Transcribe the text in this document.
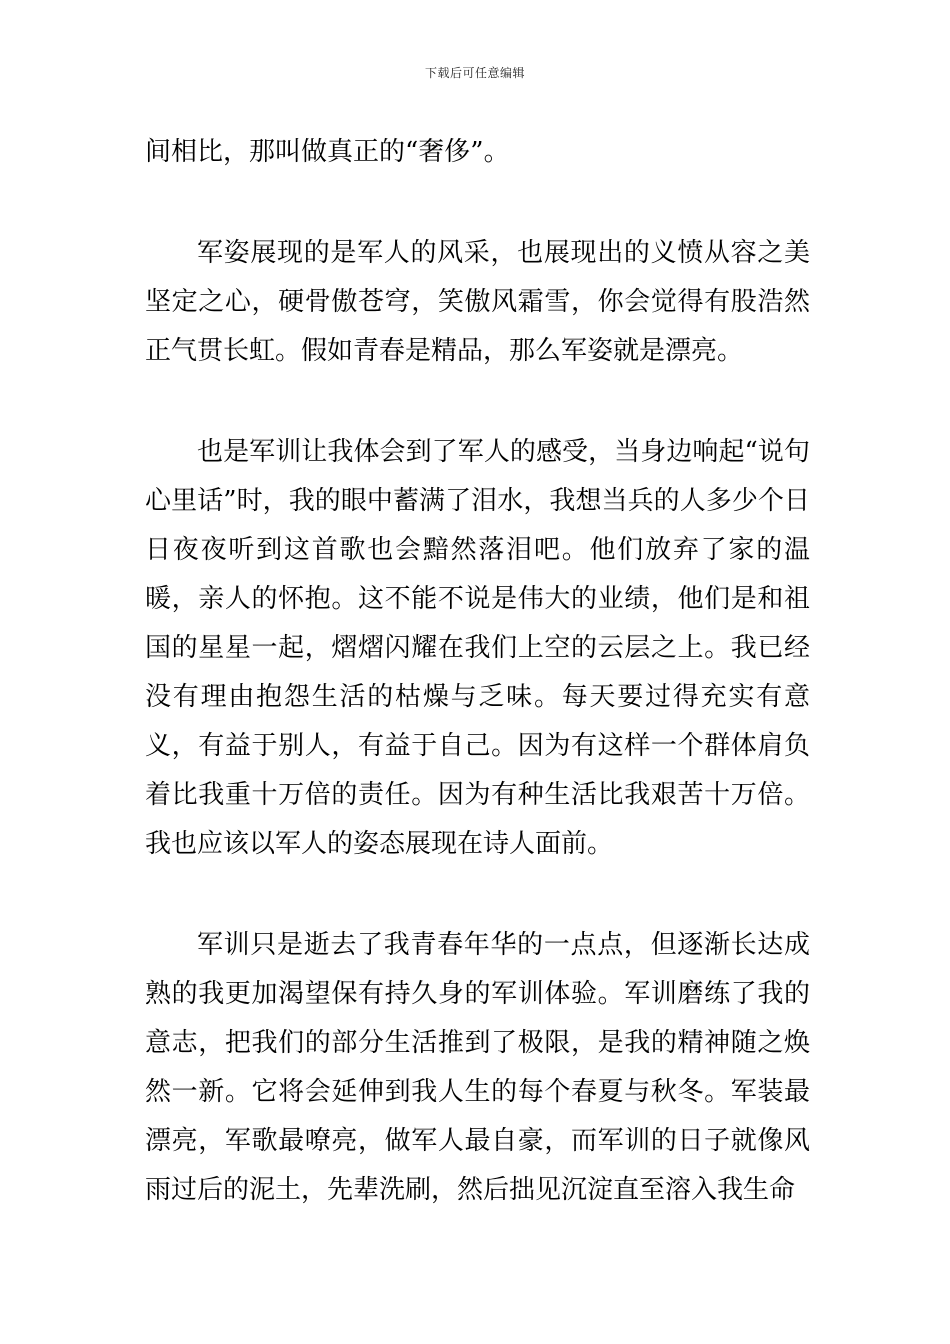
下载后可任意编辑

间相比，那叫做真正的“奢侈”。

军姿展现的是军人的风采，也展现出的义愤从容之美坚定之心，硬骨傲苍穹，笑傲风霜雪，你会觉得有股浩然正气贯长虹。假如青春是精品，那么军姿就是漂亮。

也是军训让我体会到了军人的感受，当身边响起“说句心里话”时，我的眼中蓄满了泪水，我想当兵的人多少个日日夜夜听到这首歌也会黯然落泪吧。他们放弃了家的温暖，亲人的怀抱。这不能不说是伟大的业绩，他们是和祖国的星星一起，熠熠闪耀在我们上空的云层之上。我已经没有理由抱怨生活的枯燥与乏味。每天要过得充实有意义，有益于别人，有益于自己。因为有这样一个群体肩负着比我重十万倍的责任。因为有种生活比我艰苦十万倍。我也应该以军人的姿态展现在诗人面前。

军训只是逝去了我青春年华的一点点，但逐渐长达成熟的我更加渴望保有持久身的军训体验。军训磨练了我的意志，把我们的部分生活推到了极限，是我的精神随之焕然一新。它将会延伸到我人生的每个春夏与秋冬。军装最漂亮，军歌最嘹亮，做军人最自豪，而军训的日子就像风雨过后的泥土，先辈洗刷，然后拙见沉淀直至溶入我生命
